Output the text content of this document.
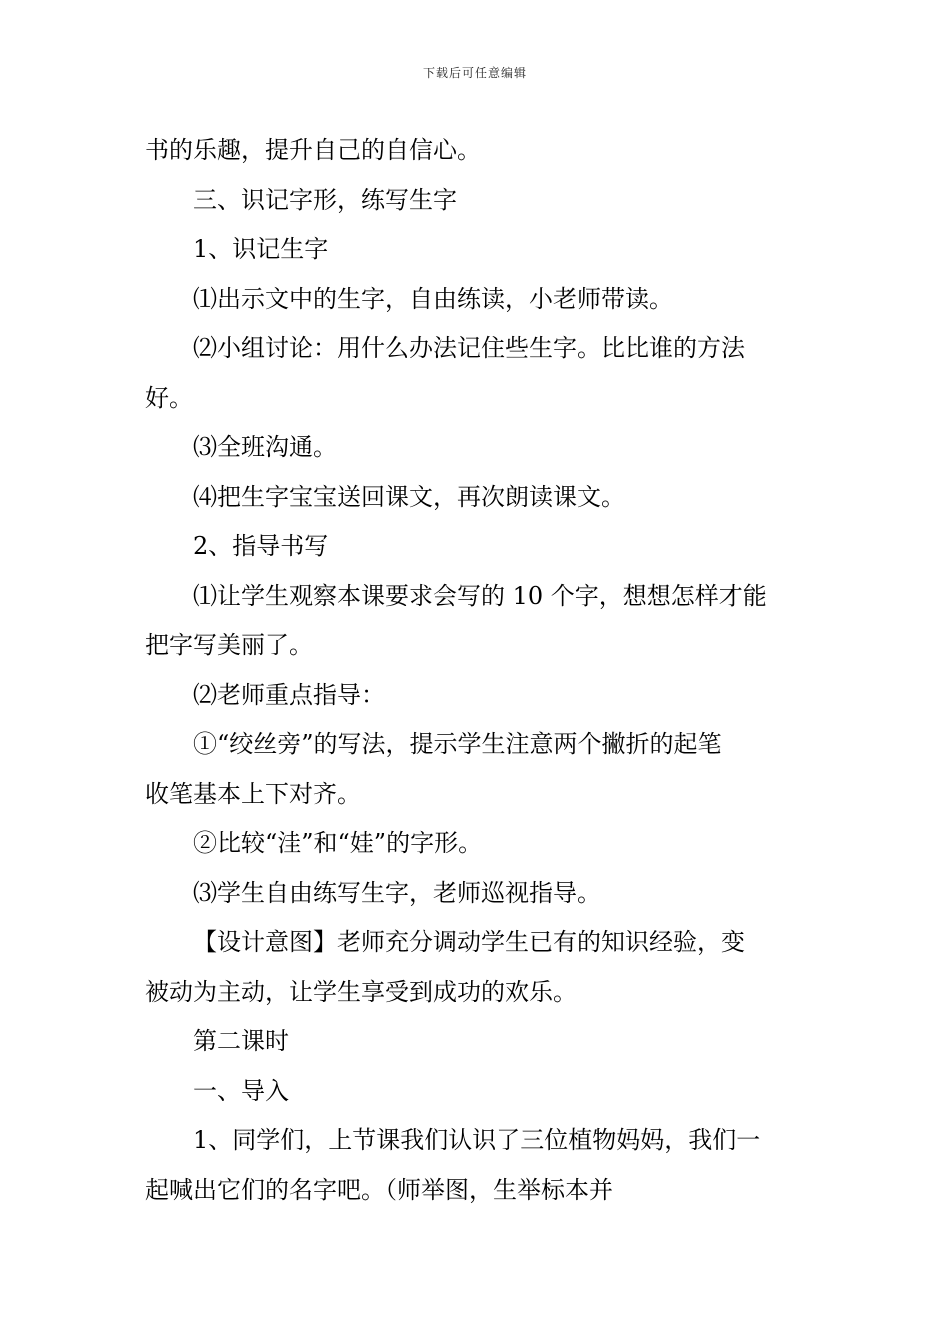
下载后可任意编辑

书的乐趣，提升自己的自信心。

三、识记字形，练写生字

1、识记生字

⑴出示文中的生字，自由练读，小老师带读。

⑵小组讨论：用什么办法记住些生字。比比谁的方法

好。

⑶全班沟通。

⑷把生字宝宝送回课文，再次朗读课文。

2、指导书写

⑴让学生观察本课要求会写的 10 个字，想想怎样才能

把字写美丽了。

⑵老师重点指导：

①“绞丝旁”的写法，提示学生注意两个撇折的起笔

收笔基本上下对齐。

②比较“洼”和“娃”的字形。

⑶学生自由练写生字，老师巡视指导。

【设计意图】老师充分调动学生已有的知识经验，变

被动为主动，让学生享受到成功的欢乐。

第二课时

一、导入

1、同学们，上节课我们认识了三位植物妈妈，我们一

起喊出它们的名字吧。（师举图，生举标本并
